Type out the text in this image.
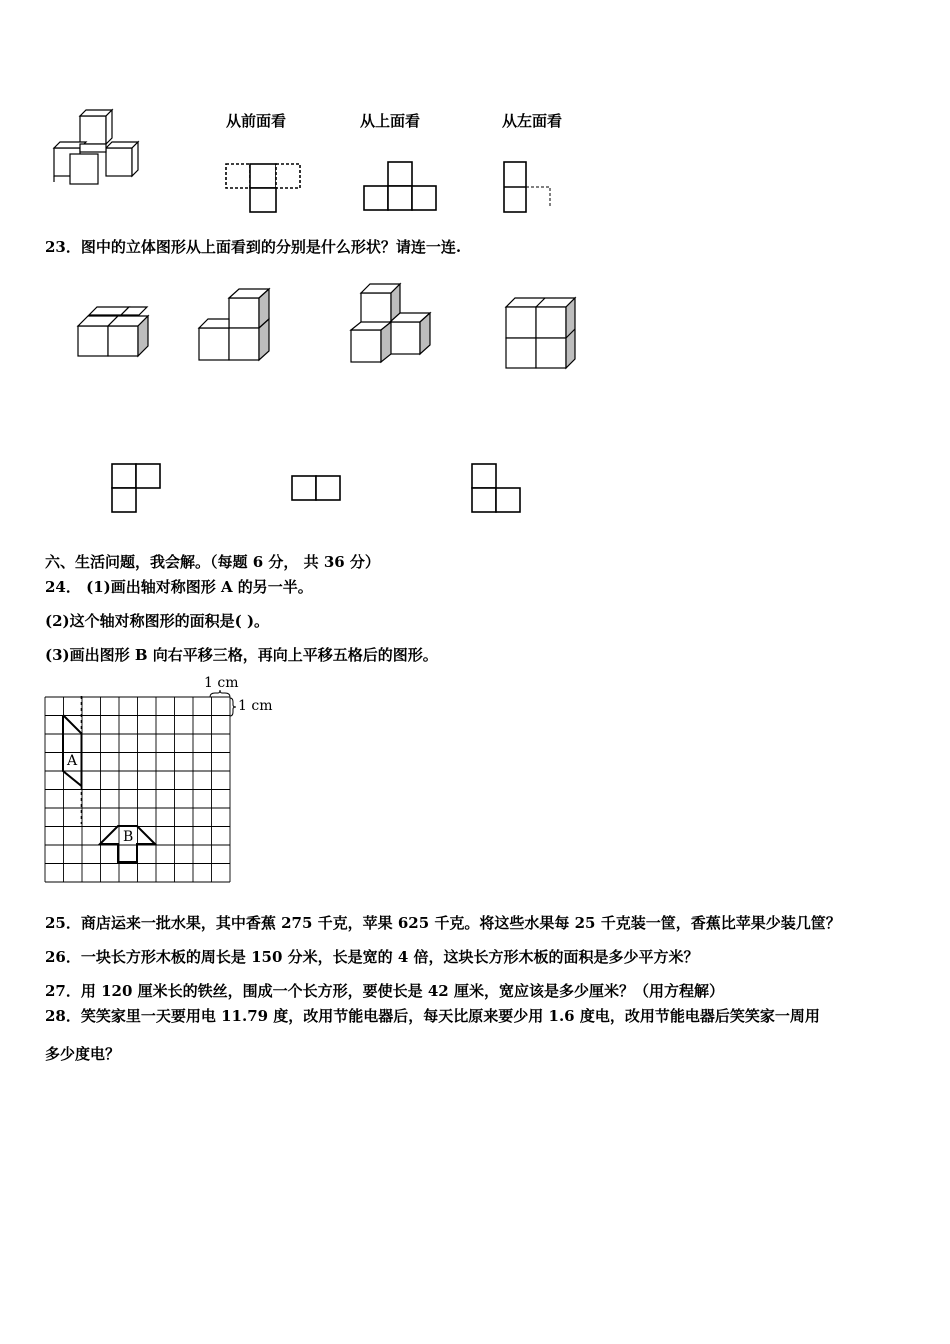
从前面看	从上面看	从左面看
23．图中的立体图形从上面看到的分别是什么形状？请连一连.
六、生活问题，我会解。（每题 6 分， 共 36 分）
24． (1)画出轴对称图形 A 的另一半。
(2)这个轴对称图形的面积是( )。
(3)画出图形 B 向右平移三格，再向上平移五格后的图形。
A
B
1 cm
1 cm
25．商店运来一批水果，其中香蕉 275 千克，苹果 625 千克。将这些水果每 25 千克装一筐，香蕉比苹果少装几筐？
26．一块长方形木板的周长是 150 分米，长是宽的 4 倍，这块长方形木板的面积是多少平方米？
27．用 120 厘米长的铁丝，围成一个长方形，要使长是 42 厘米，宽应该是多少厘米？（用方程解）
28．笑笑家里一天要用电 11.79 度，改用节能电器后，每天比原来要少用 1.6 度电，改用节能电器后笑笑家一周用
多少度电？
